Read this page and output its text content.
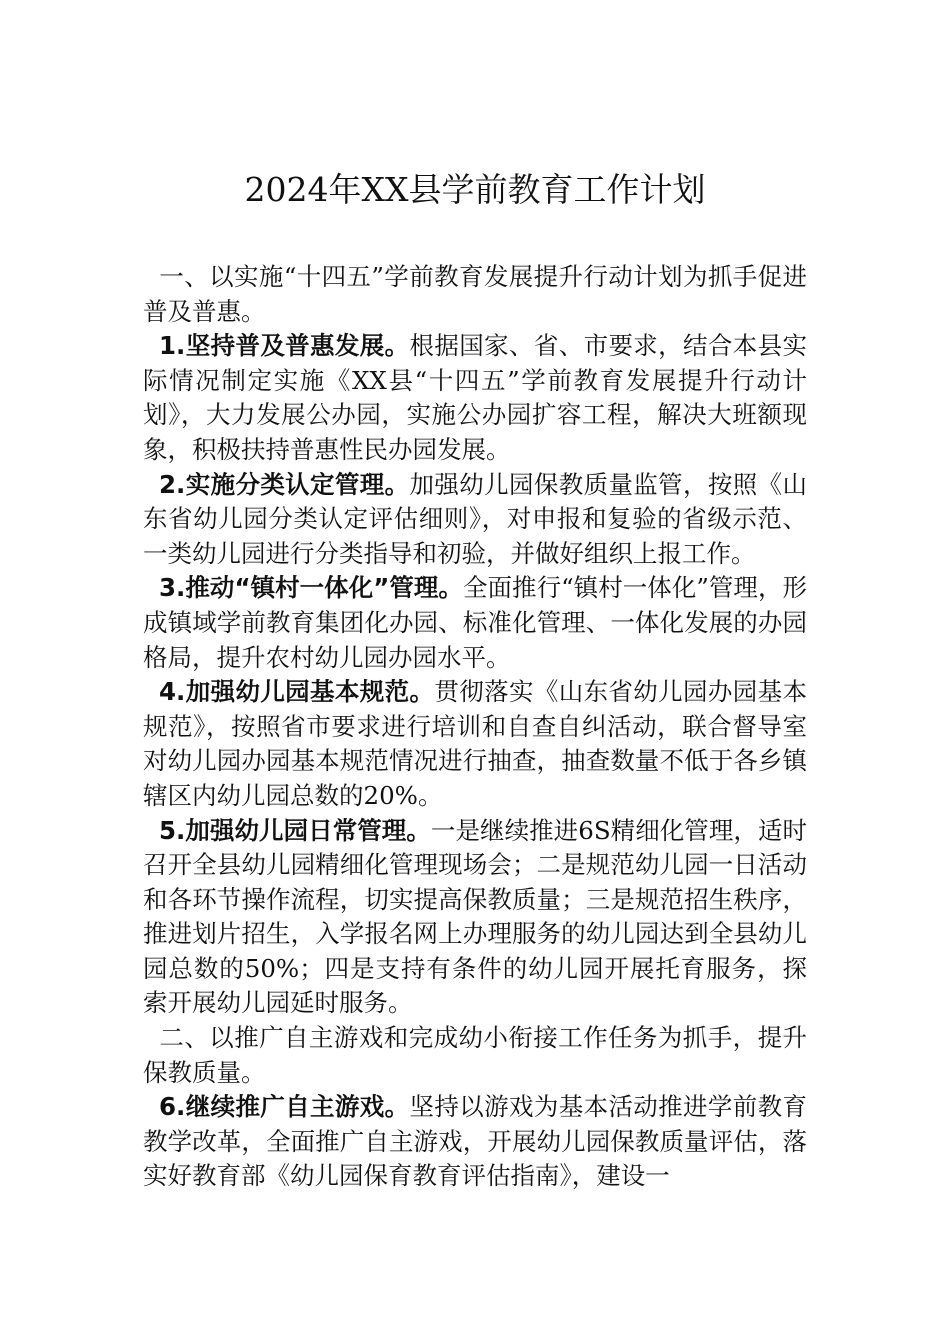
2024年XX县学前教育工作计划

一、以实施“十四五”学前教育发展提升行动计划为抓手促进普及普惠。

1.坚持普及普惠发展。根据国家、省、市要求，结合本县实际情况制定实施《XX县“十四五”学前教育发展提升行动计划》，大力发展公办园，实施公办园扩容工程，解决大班额现象，积极扶持普惠性民办园发展。

2.实施分类认定管理。加强幼儿园保教质量监管，按照《山东省幼儿园分类认定评估细则》，对申报和复验的省级示范、一类幼儿园进行分类指导和初验，并做好组织上报工作。

3.推动“镇村一体化”管理。全面推行“镇村一体化”管理，形成镇域学前教育集团化办园、标准化管理、一体化发展的办园格局，提升农村幼儿园办园水平。

4.加强幼儿园基本规范。贯彻落实《山东省幼儿园办园基本规范》，按照省市要求进行培训和自查自纠活动，联合督导室对幼儿园办园基本规范情况进行抽查，抽查数量不低于各乡镇辖区内幼儿园总数的20%。

5.加强幼儿园日常管理。一是继续推进6S精细化管理，适时召开全县幼儿园精细化管理现场会；二是规范幼儿园一日活动和各环节操作流程，切实提高保教质量；三是规范招生秩序，推进划片招生，入学报名网上办理服务的幼儿园达到全县幼儿园总数的50%；四是支持有条件的幼儿园开展托育服务，探索开展幼儿园延时服务。

二、以推广自主游戏和完成幼小衔接工作任务为抓手，提升保教质量。

6.继续推广自主游戏。坚持以游戏为基本活动推进学前教育教学改革，全面推广自主游戏，开展幼儿园保教质量评估，落实好教育部《幼儿园保育教育评估指南》，建设一
